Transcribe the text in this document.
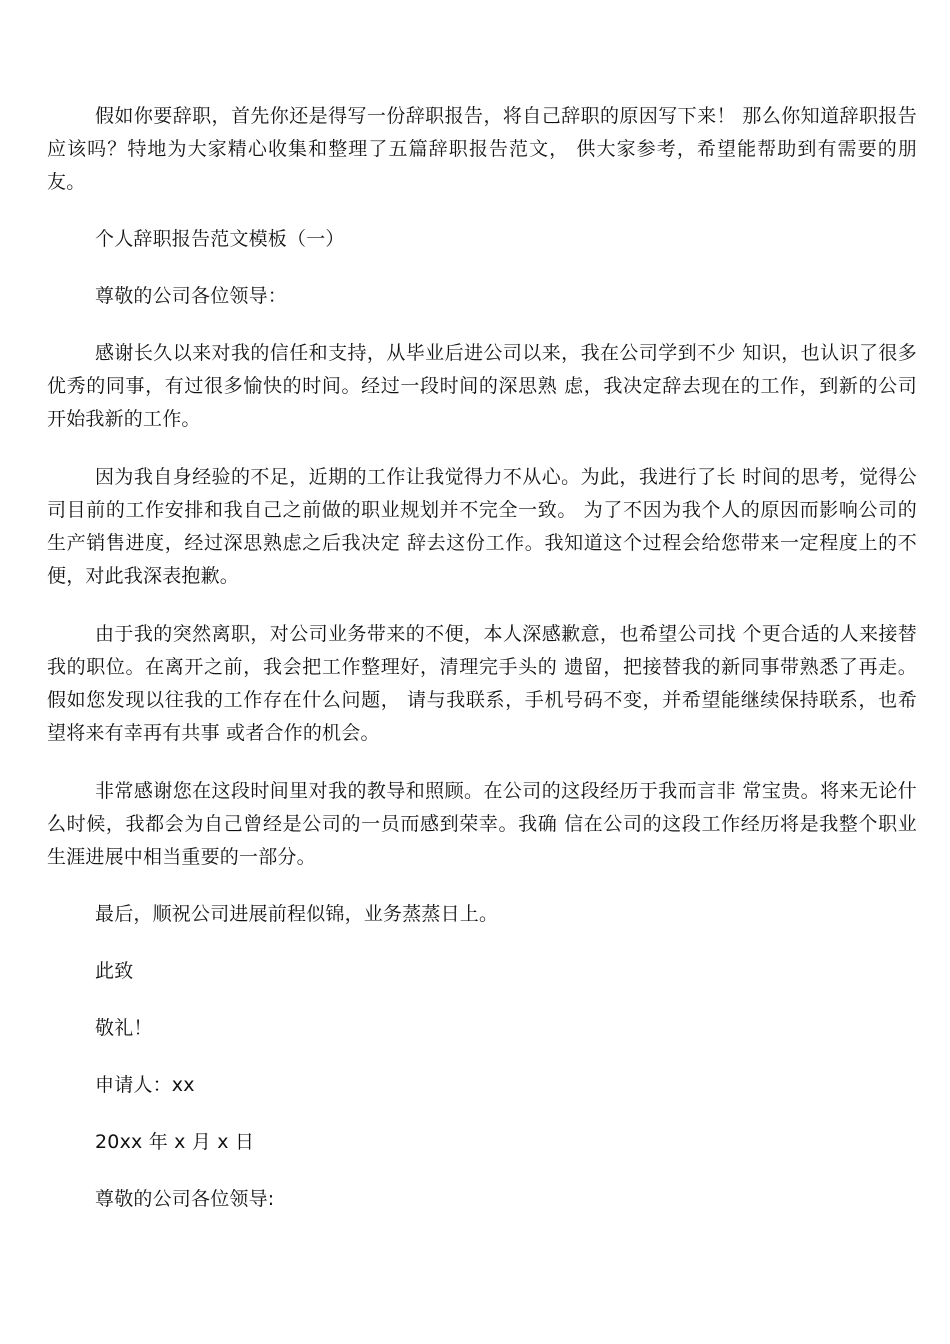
假如你要辞职，首先你还是得写一份辞职报告，将自己辞职的原因写下来！ 那么你知道辞职报告应该吗？特地为大家精心收集和整理了五篇辞职报告范文， 供大家参考，希望能帮助到有需要的朋友。

个人辞职报告范文模板（一）

尊敬的公司各位领导：

感谢长久以来对我的信任和支持，从毕业后进公司以来，我在公司学到不少 知识，也认识了很多优秀的同事，有过很多愉快的时间。经过一段时间的深思熟 虑，我决定辞去现在的工作，到新的公司开始我新的工作。

因为我自身经验的不足，近期的工作让我觉得力不从心。为此，我进行了长 时间的思考，觉得公司目前的工作安排和我自己之前做的职业规划并不完全一致。 为了不因为我个人的原因而影响公司的生产销售进度，经过深思熟虑之后我决定 辞去这份工作。我知道这个过程会给您带来一定程度上的不便，对此我深表抱歉。

由于我的突然离职，对公司业务带来的不便，本人深感歉意，也希望公司找 个更合适的人来接替我的职位。在离开之前，我会把工作整理好，清理完手头的 遗留，把接替我的新同事带熟悉了再走。假如您发现以往我的工作存在什么问题， 请与我联系，手机号码不变，并希望能继续保持联系，也希望将来有幸再有共事 或者合作的机会。

非常感谢您在这段时间里对我的教导和照顾。在公司的这段经历于我而言非 常宝贵。将来无论什么时候，我都会为自己曾经是公司的一员而感到荣幸。我确 信在公司的这段工作经历将是我整个职业生涯进展中相当重要的一部分。

最后，顺祝公司进展前程似锦，业务蒸蒸日上。

此致

敬礼！

申请人：xx

20xx 年 x 月 x 日

尊敬的公司各位领导:
